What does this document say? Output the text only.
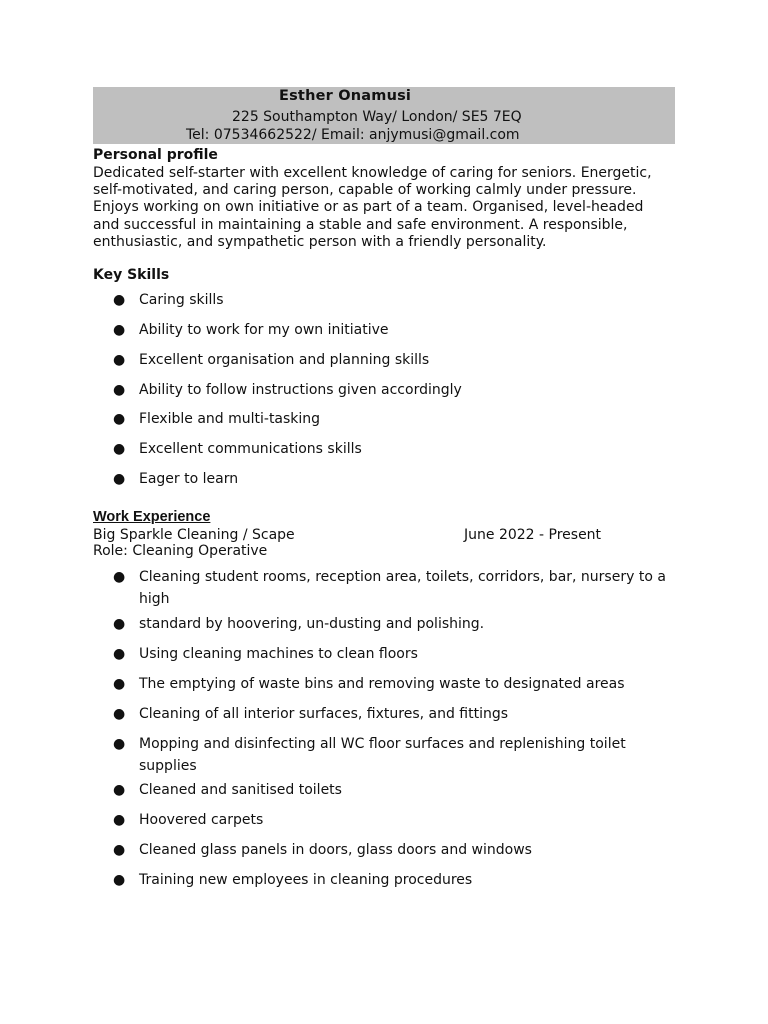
Esther Onamusi
225 Southampton Way/ London/ SE5 7EQ
Tel: 07534662522/ Email: anjymusi@gmail.com
Personal profile
Dedicated self-starter with excellent knowledge of caring for seniors. Energetic,
self-motivated, and caring person, capable of working calmly under pressure.
Enjoys working on own initiative or as part of a team. Organised, level-headed
and successful in maintaining a stable and safe environment. A responsible,
enthusiastic, and sympathetic person with a friendly personality.
Key Skills
● Caring skills
● Ability to work for my own initiative
● Excellent organisation and planning skills
● Ability to follow instructions given accordingly
● Flexible and multi-tasking
● Excellent communications skills
● Eager to learn
Work Experience
Big Sparkle Cleaning / Scape	June 2022 - Present
Role: Cleaning Operative
● Cleaning student rooms, reception area, toilets, corridors, bar, nursery to a
high
● standard by hoovering, un-dusting and polishing.
● Using cleaning machines to clean floors
● The emptying of waste bins and removing waste to designated areas
● Cleaning of all interior surfaces, fixtures, and fittings
● Mopping and disinfecting all WC floor surfaces and replenishing toilet
supplies
● Cleaned and sanitised toilets
● Hoovered carpets
● Cleaned glass panels in doors, glass doors and windows
● Training new employees in cleaning procedures
